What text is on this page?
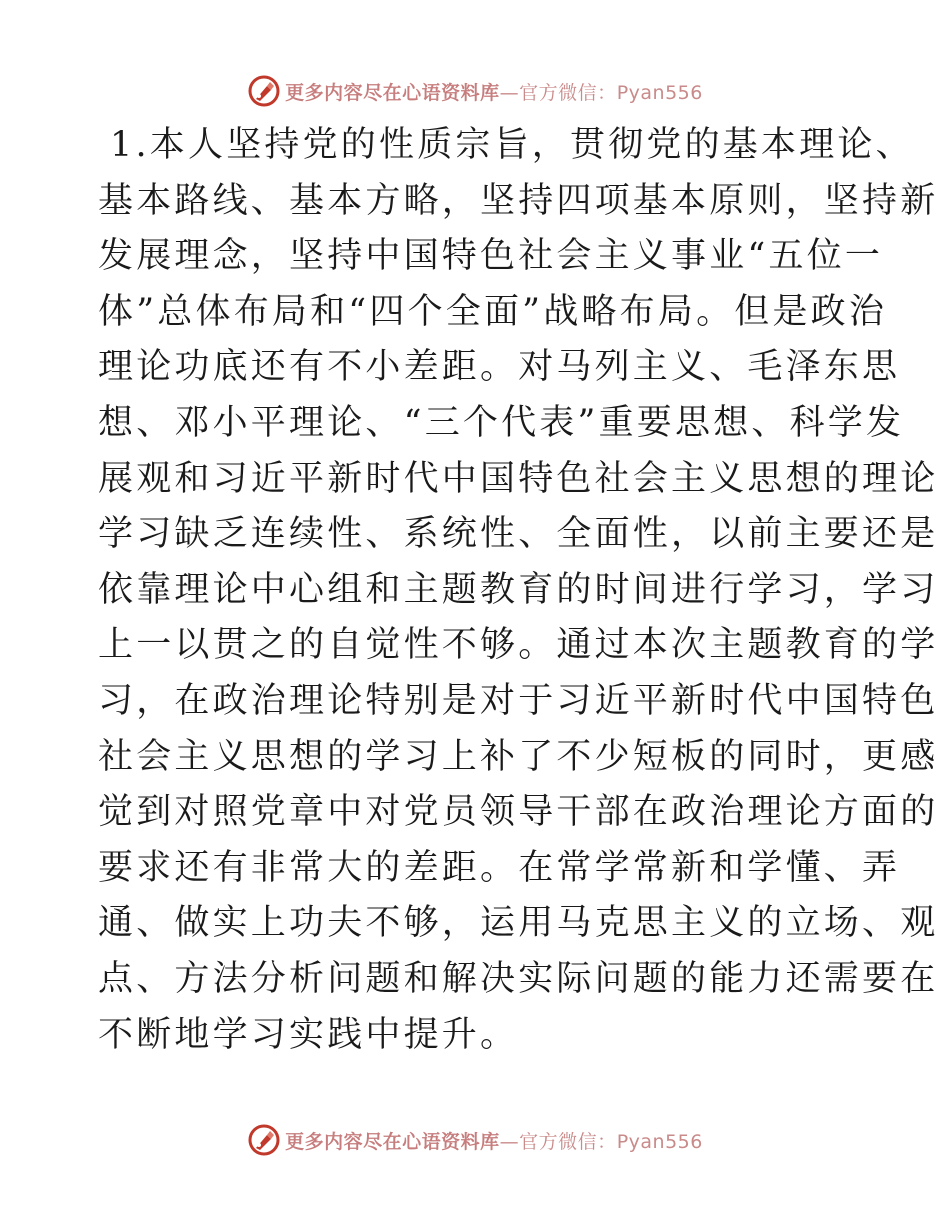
更多内容尽在心语资料库—官方微信：Pyan556

1.本人坚持党的性质宗旨，贯彻党的基本理论、
基本路线、基本方略，坚持四项基本原则，坚持新
发展理念，坚持中国特色社会主义事业“五位一
体”总体布局和“四个全面”战略布局。但是政治
理论功底还有不小差距。对马列主义、毛泽东思
想、邓小平理论、“三个代表”重要思想、科学发
展观和习近平新时代中国特色社会主义思想的理论
学习缺乏连续性、系统性、全面性，以前主要还是
依靠理论中心组和主题教育的时间进行学习，学习
上一以贯之的自觉性不够。通过本次主题教育的学
习，在政治理论特别是对于习近平新时代中国特色
社会主义思想的学习上补了不少短板的同时，更感
觉到对照党章中对党员领导干部在政治理论方面的
要求还有非常大的差距。在常学常新和学懂、弄
通、做实上功夫不够，运用马克思主义的立场、观
点、方法分析问题和解决实际问题的能力还需要在
不断地学习实践中提升。

更多内容尽在心语资料库—官方微信：Pyan556
